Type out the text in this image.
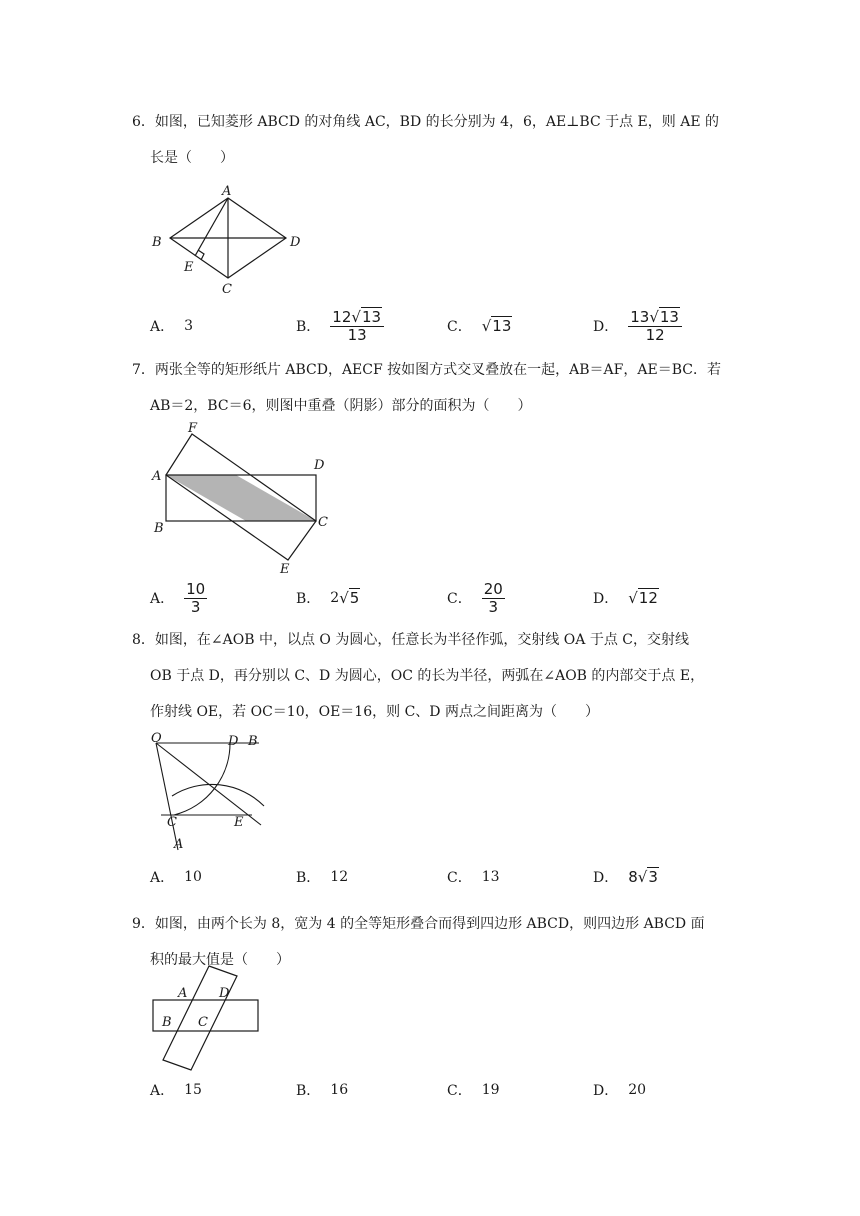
6．如图，已知菱形 ABCD 的对角线 AC，BD 的长分别为 4，6，AE⊥BC 于点 E，则 AE 的
长是（　　）
A
B
C
D
E
A． 3	B． $\frac{12√13}{13}$	C． √13	D． $\frac{13√13}{12}$
7．两张全等的矩形纸片 ABCD，AECF 按如图方式交叉叠放在一起，AB＝AF，AE＝BC．若
AB＝2，BC＝6，则图中重叠（阴影）部分的面积为（　　）
A
B	C
D
E
F
A． $\frac{10}{3}$	B． 2 √5	C． $\frac{20}{3}$	D． √12
8．如图，在∠AOB 中，以点 O 为圆心，任意长为半径作弧，交射线 OA 于点 C，交射线
OB 于点 D，再分别以 C、D 为圆心，OC 的长为半径，两弧在∠AOB 的内部交于点 E，
作射线 OE，若 OC＝10，OE＝16，则 C、D 两点之间距离为（　　）
O	D B
C	E
A
A． 10	B． 12	C． 13	D． 8 √3
9．如图，由两个长为 8，宽为 4 的全等矩形叠合而得到四边形 ABCD，则四边形 ABCD 面
积的最大值是（　　）
A D
B C
A． 15	B． 16	C． 19	D． 20
